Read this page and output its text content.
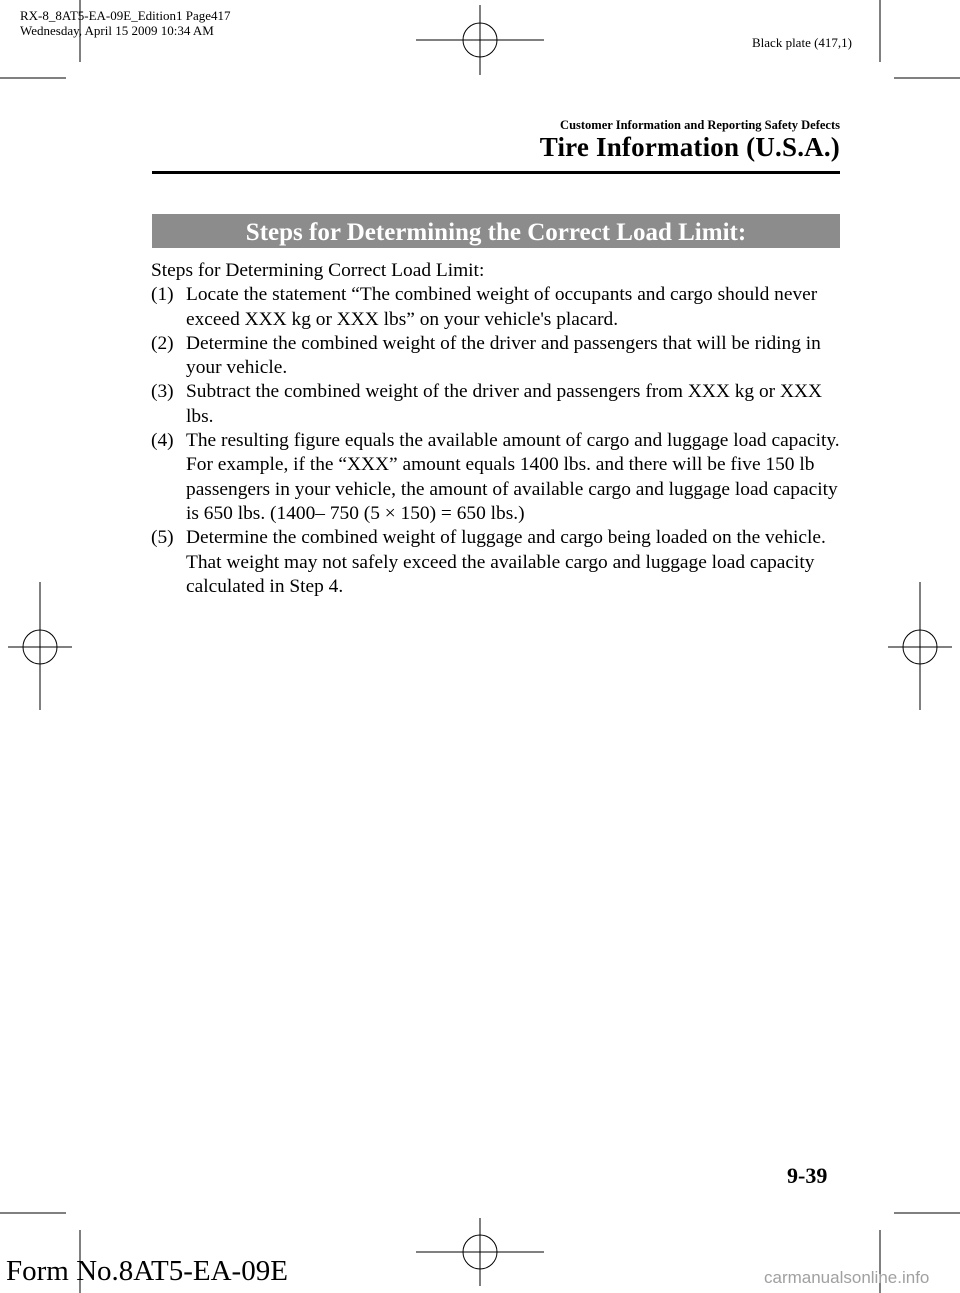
RX-8_8AT5-EA-09E_Edition1 Page417
Wednesday, April 15 2009 10:34 AM
Black plate (417,1)
Customer Information and Reporting Safety Defects
Tire Information (U.S.A.)
Steps for Determining the Correct Load Limit:

Steps for Determining Correct Load Limit:

(1) Locate the statement “The combined weight of occupants and cargo should never exceed XXX kg or XXX lbs” on your vehicle's placard.
(2) Determine the combined weight of the driver and passengers that will be riding in your vehicle.
(3) Subtract the combined weight of the driver and passengers from XXX kg or XXX lbs.
(4) The resulting figure equals the available amount of cargo and luggage load capacity. For example, if the “XXX” amount equals 1400 lbs. and there will be five 150 lb passengers in your vehicle, the amount of available cargo and luggage load capacity is 650 lbs. (1400– 750 (5 × 150) = 650 lbs.)
(5) Determine the combined weight of luggage and cargo being loaded on the vehicle. That weight may not safely exceed the available cargo and luggage load capacity calculated in Step 4.
9-39
Form No.8AT5-EA-09E	carmanualsonline.info
